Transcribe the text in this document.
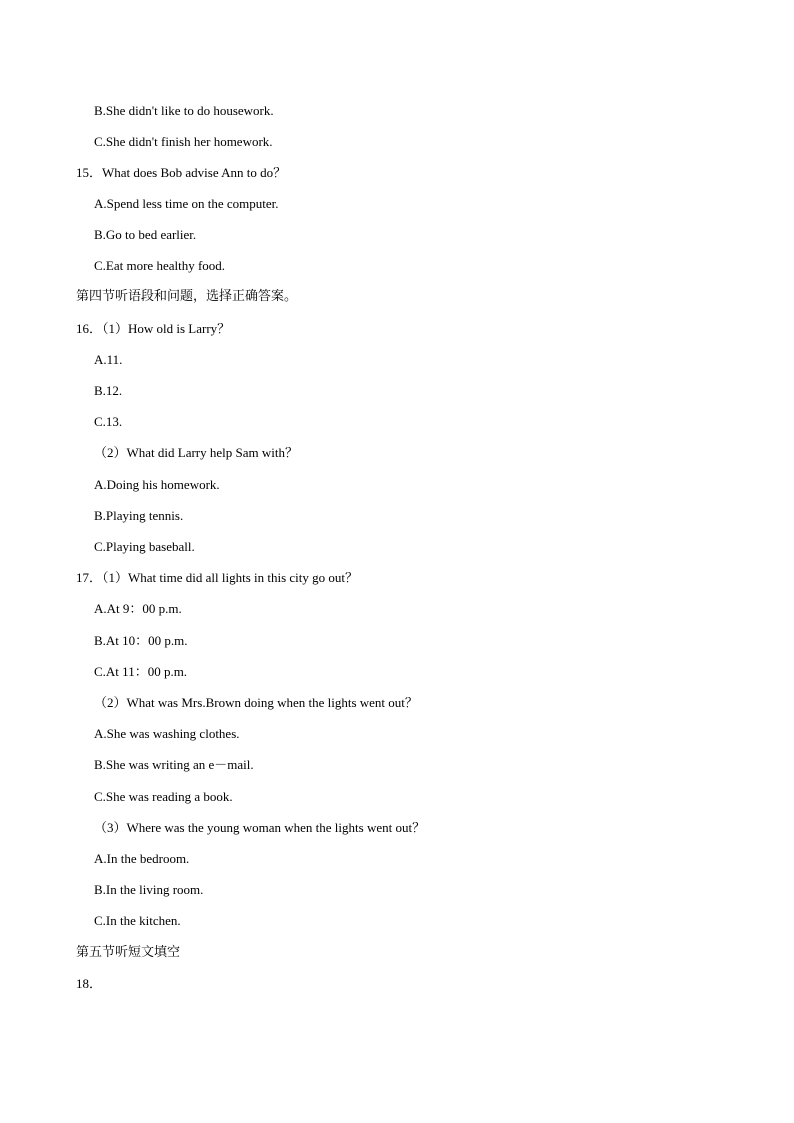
B.She didn't like to do housework.
C.She didn't finish her homework.
15．What does Bob advise Ann to do？
A.Spend less time on the computer.
B.Go to bed earlier.
C.Eat more healthy food.
第四节听语段和问题，选择正确答案。
16．（1）How old is Larry？
A.11.
B.12.
C.13.
（2）What did Larry help Sam with？
A.Doing his homework.
B.Playing tennis.
C.Playing baseball.
17．（1）What time did all lights in this city go out？
A.At 9：00 p.m.
B.At 10：00 p.m.
C.At 11：00 p.m.
（2）What was Mrs.Brown doing when the lights went out？
A.She was washing clothes.
B.She was writing an e－mail.
C.She was reading a book.
（3）Where was the young woman when the lights went out？
A.In the bedroom.
B.In the living room.
C.In the kitchen.
第五节听短文填空
18．
